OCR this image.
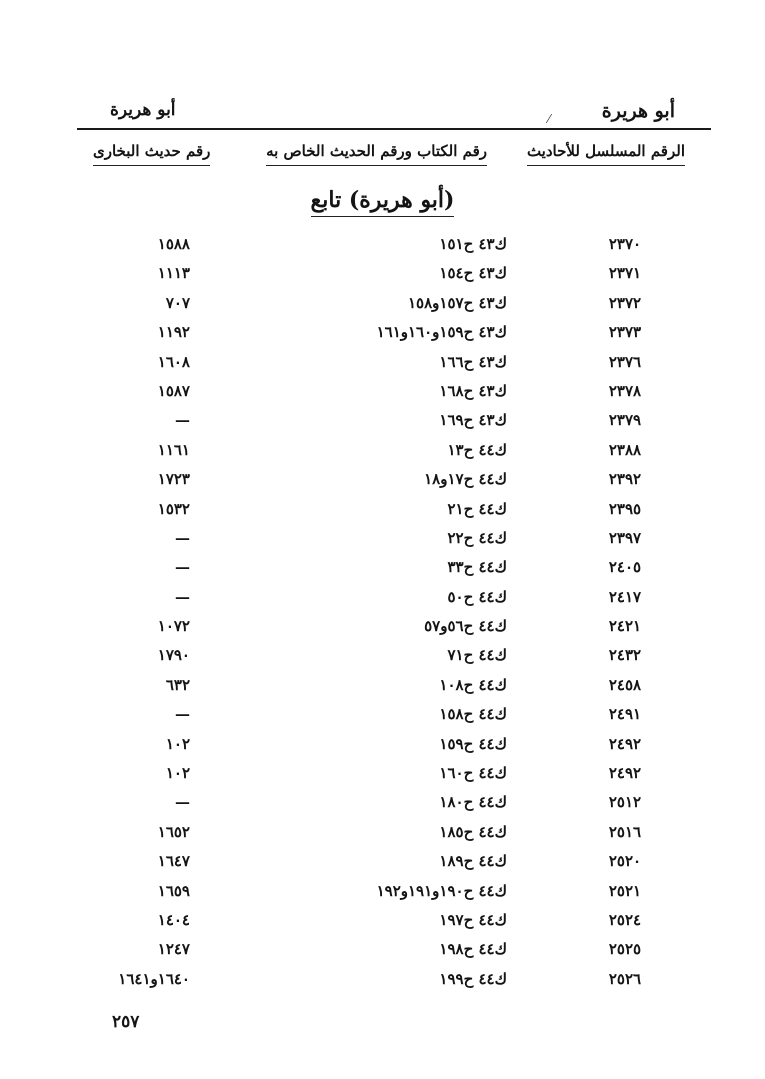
أبو هريرة
أبو هريرة	⁄
الرقم المسلسل للأحاديث
رقم الكتاب ورقم الحديث الخاص به
رقم حديث البخارى
(أبو هريرة) تابع
٢٣٧٠
ك٤٣ ح١٥١
١٥٨٨
٢٣٧١
ك٤٣ ح١٥٤
١١١٣
٢٣٧٢
ك٤٣ ح١٥٧و١٥٨
٧٠٧
٢٣٧٣
ك٤٣ ح١٥٩و١٦٠و١٦١
١١٩٢
٢٣٧٦
ك٤٣ ح١٦٦
١٦٠٨
٢٣٧٨
ك٤٣ ح١٦٨
١٥٨٧
٢٣٧٩
ك٤٣ ح١٦٩
—
٢٣٨٨
ك٤٤ ح١٣
١١٦١
٢٣٩٢
ك٤٤ ح١٧و١٨
١٧٢٣
٢٣٩٥
ك٤٤ ح٢١
١٥٣٢
٢٣٩٧
ك٤٤ ح٢٢
—
٢٤٠٥
ك٤٤ ح٣٣
—
٢٤١٧
ك٤٤ ح٥٠
—
٢٤٢١
ك٤٤ ح٥٦و٥٧
١٠٧٢
٢٤٣٢
ك٤٤ ح٧١
١٧٩٠
٢٤٥٨
ك٤٤ ح١٠٨
٦٣٢
٢٤٩١
ك٤٤ ح١٥٨
—
٢٤٩٢
ك٤٤ ح١٥٩
١٠٢
٢٤٩٢
ك٤٤ ح١٦٠
١٠٢
٢٥١٢
ك٤٤ ح١٨٠
—
٢٥١٦
ك٤٤ ح١٨٥
١٦٥٢
٢٥٢٠
ك٤٤ ح١٨٩
١٦٤٧
٢٥٢١
ك٤٤ ح١٩٠و١٩١و١٩٢
١٦٥٩
٢٥٢٤
ك٤٤ ح١٩٧
١٤٠٤
٢٥٢٥
ك٤٤ ح١٩٨
١٢٤٧
٢٥٢٦
ك٤٤ ح١٩٩
١٦٤٠و١٦٤١
٢٥٧
